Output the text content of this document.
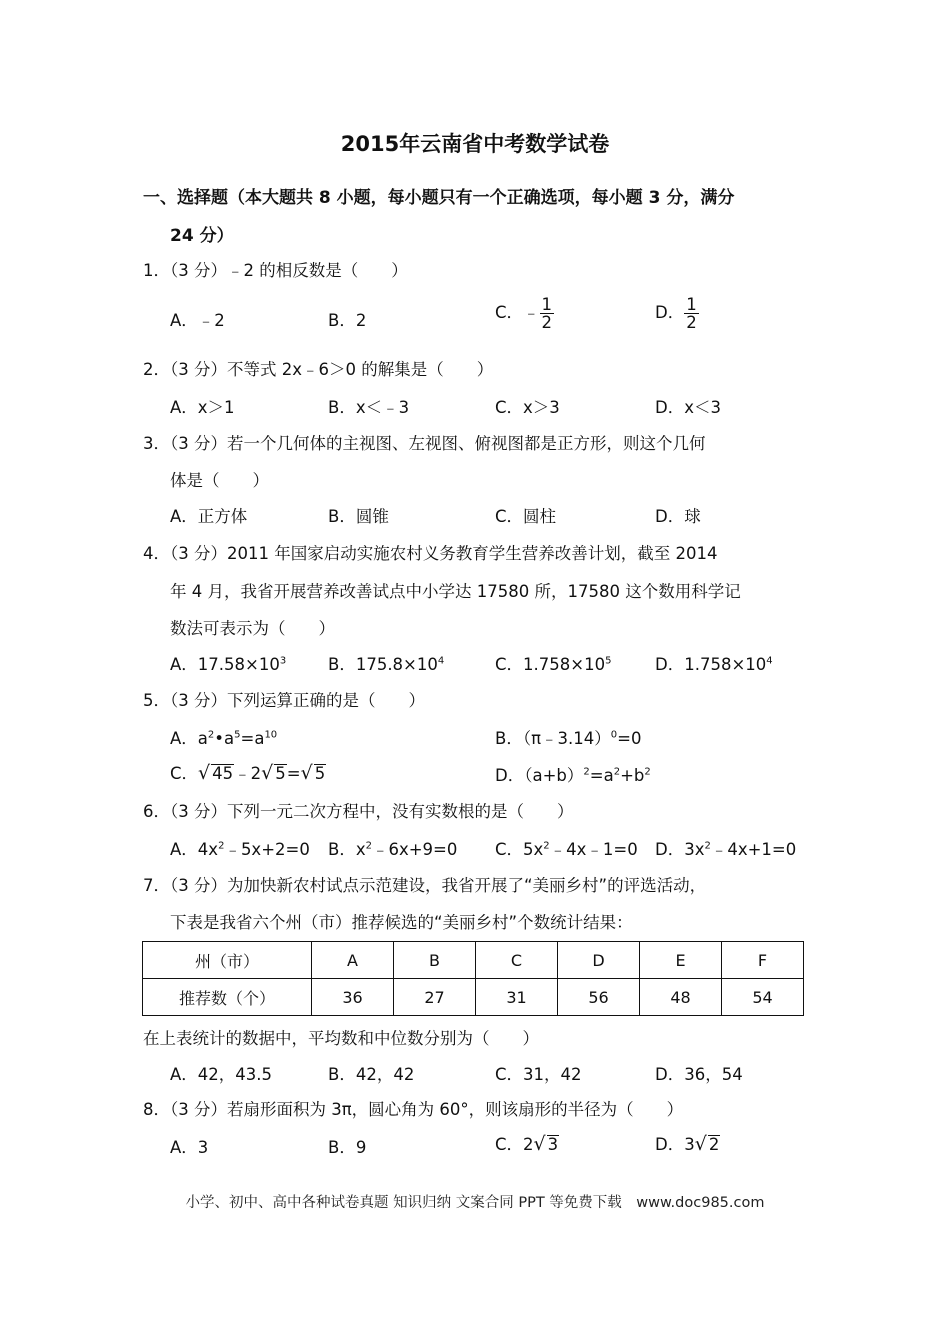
2015年云南省中考数学试卷
一、选择题（本大题共 8 小题，每小题只有一个正确选项，每小题 3 分，满分
24 分）
1．（3 分）﹣2 的相反数是（　　）
A．﹣2	B．2	C．﹣ $\frac{1}{2}$	D． $\frac{1}{2}$
2．（3 分）不等式 2x﹣6＞0 的解集是（　　）
A．x＞1	B．x＜﹣3	C．x＞3	D．x＜3
3．（3 分）若一个几何体的主视图、左视图、俯视图都是正方形，则这个几何
体是（　　）
A．正方体	B．圆锥	C．圆柱	D．球
4．（3 分）2011 年国家启动实施农村义务教育学生营养改善计划，截至 2014
年 4 月，我省开展营养改善试点中小学达 17580 所，17580 这个数用科学记
数法可表示为（　　）
A．$17.58\times 10^3$	B．$175.8\times 10^4$	C．$1.758\times 10^5$	D．$1.758\times 10^4$
5．（3 分）下列运算正确的是（　　）
A．$a^2•a^5=a^{10}$	B．（π﹣3.14）$^0$=0
C．√ 45﹣2√ 5=√ 5	D．$(a+b)^2=a^2+b^2$
6．（3 分）下列一元二次方程中，没有实数根的是（　　）
A．$4x^2﹣5x+2=0$ B．$x^2﹣6x+9=0$ C．$5x^2﹣4x﹣1=0$ D．$3x^2﹣4x+1=0$
7．（3 分）为加快新农村试点示范建设，我省开展了“美丽乡村”的评选活动，
下表是我省六个州（市）推荐候选的“美丽乡村”个数统计结果：
州（市）	A	B	C	D	E	F
推荐数（个）	36	27	31	56	48	54
在上表统计的数据中，平均数和中位数分别为（　　）
A．42，43.5	B．42，42	C．31，42	D．36，54
8．（3 分）若扇形面积为 3π，圆心角为 60°，则该扇形的半径为（　　）
A．3	B．9	C．2√ 3	D．3√ 2
小学、初中、高中各种试卷真题 知识归纳 文案合同 PPT 等免费下载　www.doc985.com
